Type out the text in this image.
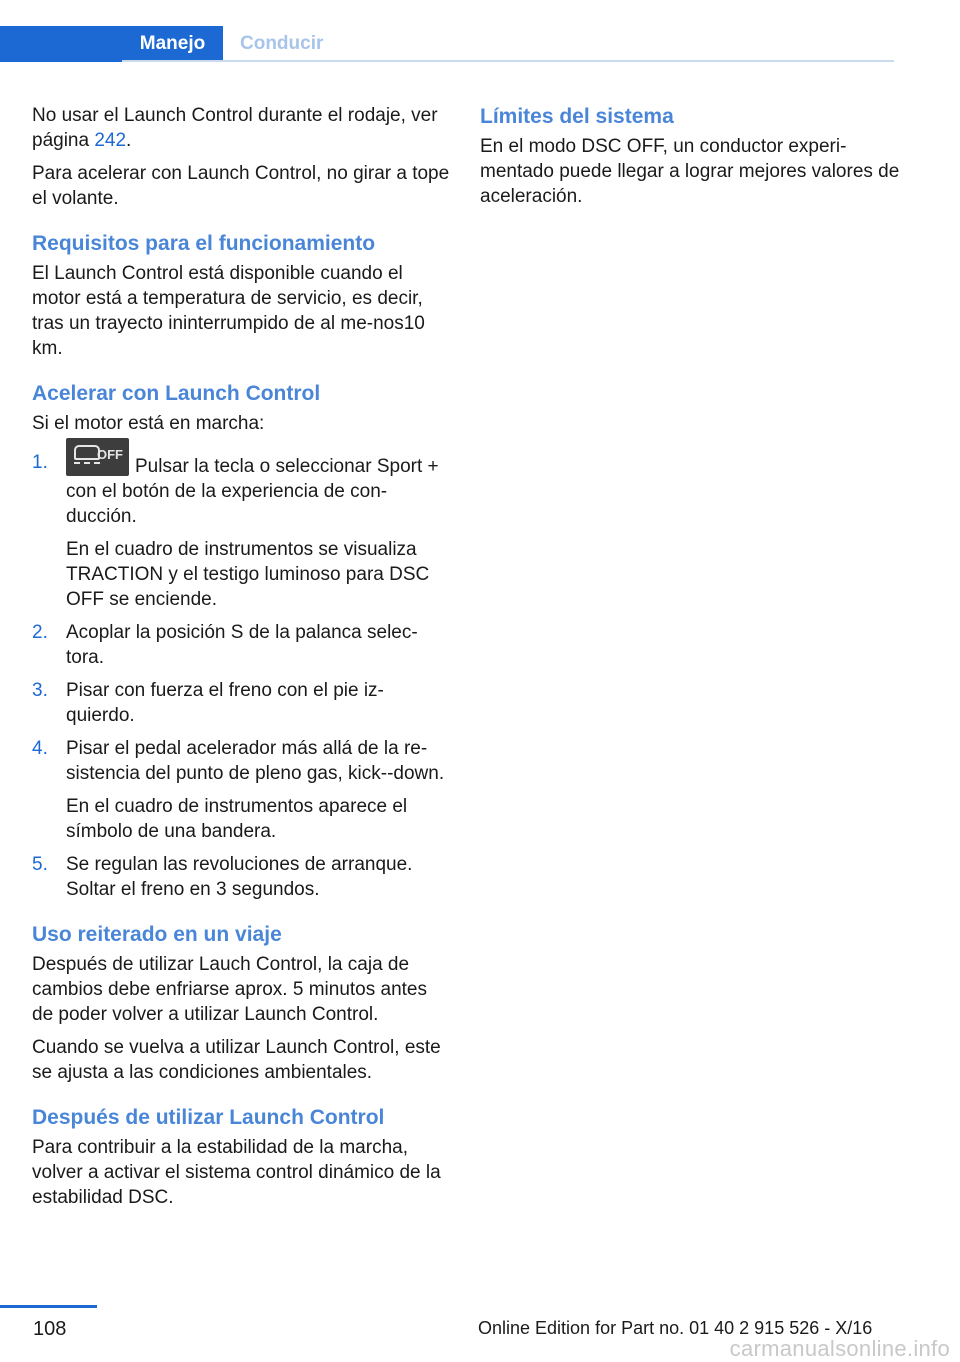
Manejo	Conducir

No usar el Launch Control durante el rodaje, ver página 242.

Para acelerar con Launch Control, no girar a tope el volante.

Requisitos para el funcionamiento

El Launch Control está disponible cuando el motor está a temperatura de servicio, es decir, tras un trayecto ininterrumpido de al me‐nos10 km.

Acelerar con Launch Control

Si el motor está en marcha:

1.	OFF
Pulsar la tecla o seleccionar Sport + con el botón de la experiencia de con‐ducción.

En el cuadro de instrumentos se visualiza TRACTION y el testigo luminoso para DSC OFF se enciende.

2. Acoplar la posición S de la palanca selec‐tora.

3. Pisar con fuerza el freno con el pie iz‐quierdo.

4. Pisar el pedal acelerador más allá de la re‐sistencia del punto de pleno gas, kick‐-down.

En el cuadro de instrumentos aparece el símbolo de una bandera.

5. Se regulan las revoluciones de arranque. Soltar el freno en 3 segundos.

Uso reiterado en un viaje

Después de utilizar Lauch Control, la caja de cambios debe enfriarse aprox. 5 minutos antes de poder volver a utilizar Launch Control.

Cuando se vuelva a utilizar Launch Control, este se ajusta a las condiciones ambientales.

Después de utilizar Launch Control

Para contribuir a la estabilidad de la marcha, volver a activar el sistema control dinámico de la estabilidad DSC.

Límites del sistema

En el modo DSC OFF, un conductor experi‐mentado puede llegar a lograr mejores valores de aceleración.

108	Online Edition for Part no. 01 40 2 915 526 - X/16
carmanualsonline.info
